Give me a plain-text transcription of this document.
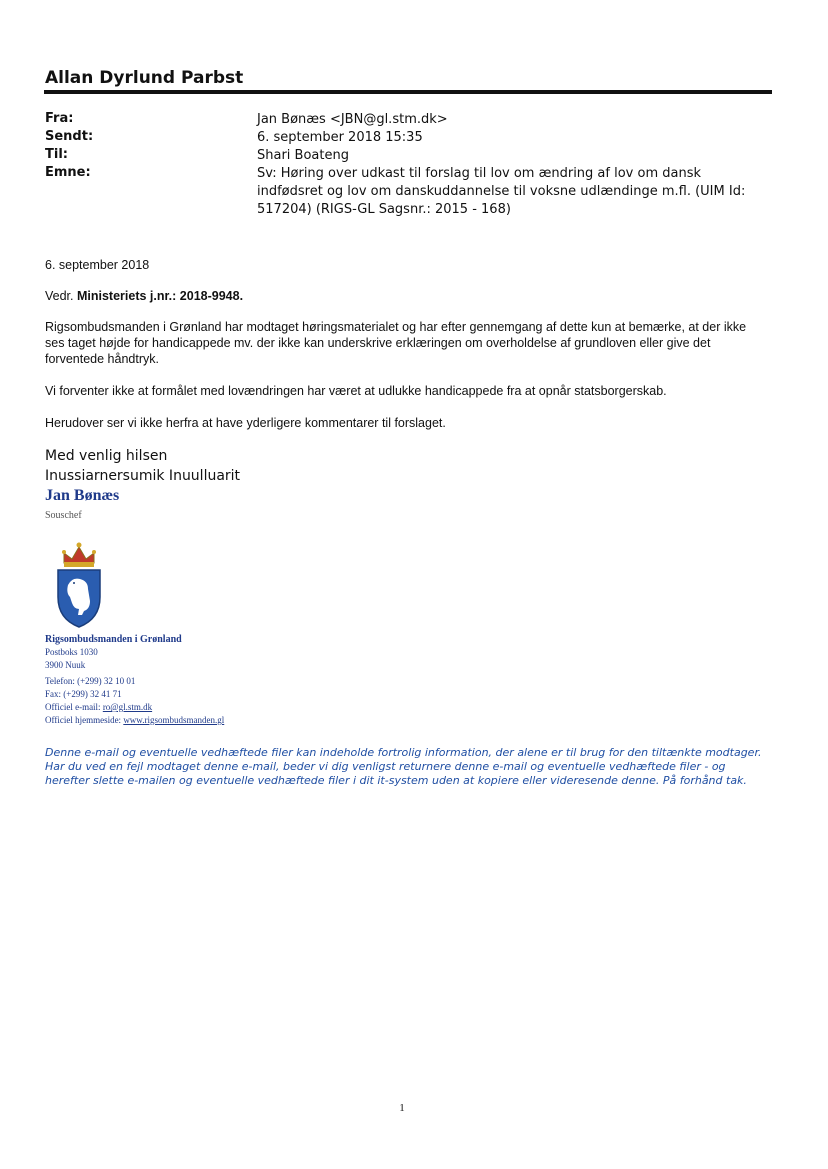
Allan Dyrlund Parbst
Fra:	Jan Bønæs <JBN@gl.stm.dk>
Sendt:	6. september 2018 15:35
Til:	Shari Boateng
Emne:	Sv: Høring over udkast til forslag til lov om ændring af lov om dansk indfødsret og lov om danskuddannelse til voksne udlændinge m.fl. (UIM Id: 517204) (RIGS-GL Sagsnr.: 2015 - 168)
6. september 2018
Vedr. Ministeriets j.nr.: 2018-9948.
Rigsombudsmanden i Grønland har modtaget høringsmaterialet og har efter gennemgang af dette kun at bemærke, at der ikke ses taget højde for handicappede mv. der ikke kan underskrive erklæringen om overholdelse af grundloven eller give det forventede håndtryk.
Vi forventer ikke at formålet med lovændringen har været at udlukke handicappede fra at opnår statsborgerskab.
Herudover ser vi ikke herfra at have yderligere kommentarer til forslaget.
Med venlig hilsen
Inussiarnersumik Inuulluarit
Jan Bønæs
Souschef
Rigsombudsmanden i Grønland
Postboks 1030
3900 Nuuk
Telefon: (+299) 32 10 01
Fax: (+299) 32 41 71
Officiel e-mail: ro@gl.stm.dk
Officiel hjemmeside: www.rigsombudsmanden.gl
Denne e-mail og eventuelle vedhæftede filer kan indeholde fortrolig information, der alene er til brug for den tiltænkte modtager. Har du ved en fejl modtaget denne e-mail, beder vi dig venligst returnere denne e-mail og eventuelle vedhæftede filer - og herefter slette e-mailen og eventuelle vedhæftede filer i dit it-system uden at kopiere eller videresende denne. På forhånd tak.
1
